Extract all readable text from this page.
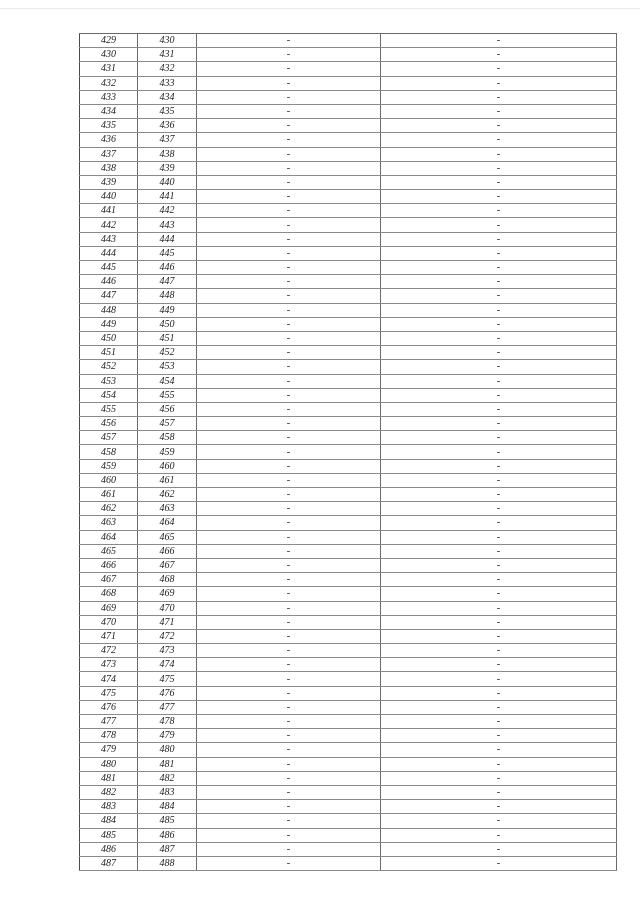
429	430	-	-
430	431	-	-
431	432	-	-
432	433	-	-
433	434	-	-
434	435	-	-
435	436	-	-
436	437	-	-
437	438	-	-
438	439	-	-
439	440	-	-
440	441	-	-
441	442	-	-
442	443	-	-
443	444	-	-
444	445	-	-
445	446	-	-
446	447	-	-
447	448	-	-
448	449	-	-
449	450	-	-
450	451	-	-
451	452	-	-
452	453	-	-
453	454	-	-
454	455	-	-
455	456	-	-
456	457	-	-
457	458	-	-
458	459	-	-
459	460	-	-
460	461	-	-
461	462	-	-
462	463	-	-
463	464	-	-
464	465	-	-
465	466	-	-
466	467	-	-
467	468	-	-
468	469	-	-
469	470	-	-
470	471	-	-
471	472	-	-
472	473	-	-
473	474	-	-
474	475	-	-
475	476	-	-
476	477	-	-
477	478	-	-
478	479	-	-
479	480	-	-
480	481	-	-
481	482	-	-
482	483	-	-
483	484	-	-
484	485	-	-
485	486	-	-
486	487	-	-
487	488	-	-
